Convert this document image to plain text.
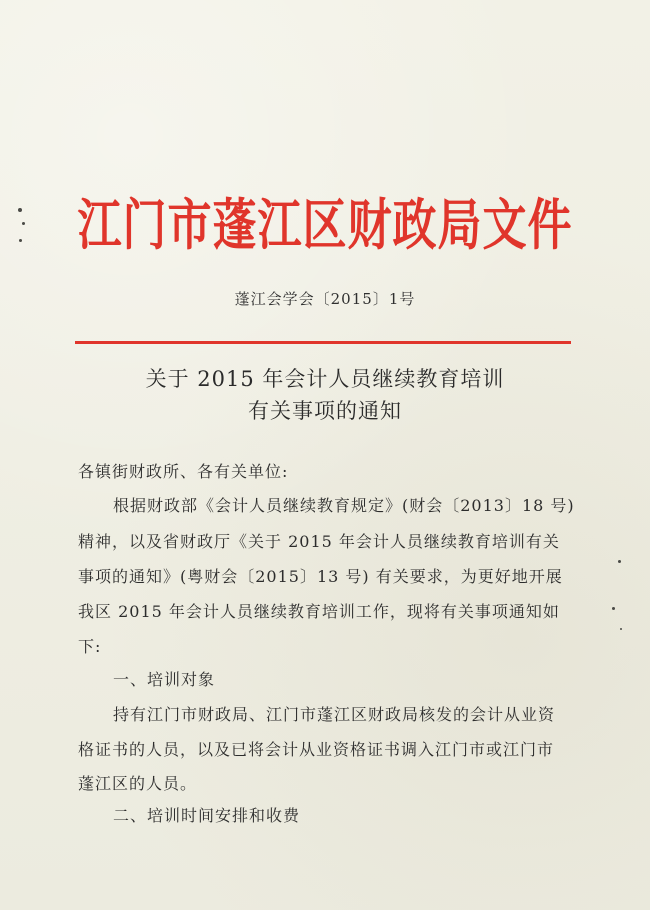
江门市蓬江区财政局文件
蓬江会学会〔2015〕1号
关于 2015 年会计人员继续教育培训
有关事项的通知
各镇街财政所、各有关单位:
根据财政部《会计人员继续教育规定》(财会〔2013〕18 号)
精神，以及省财政厅《关于 2015 年会计人员继续教育培训有关
事项的通知》(粤财会〔2015〕13 号) 有关要求，为更好地开展
我区 2015 年会计人员继续教育培训工作，现将有关事项通知如
下:
一、培训对象
持有江门市财政局、江门市蓬江区财政局核发的会计从业资
格证书的人员，以及已将会计从业资格证书调入江门市或江门市
蓬江区的人员。
二、培训时间安排和收费
